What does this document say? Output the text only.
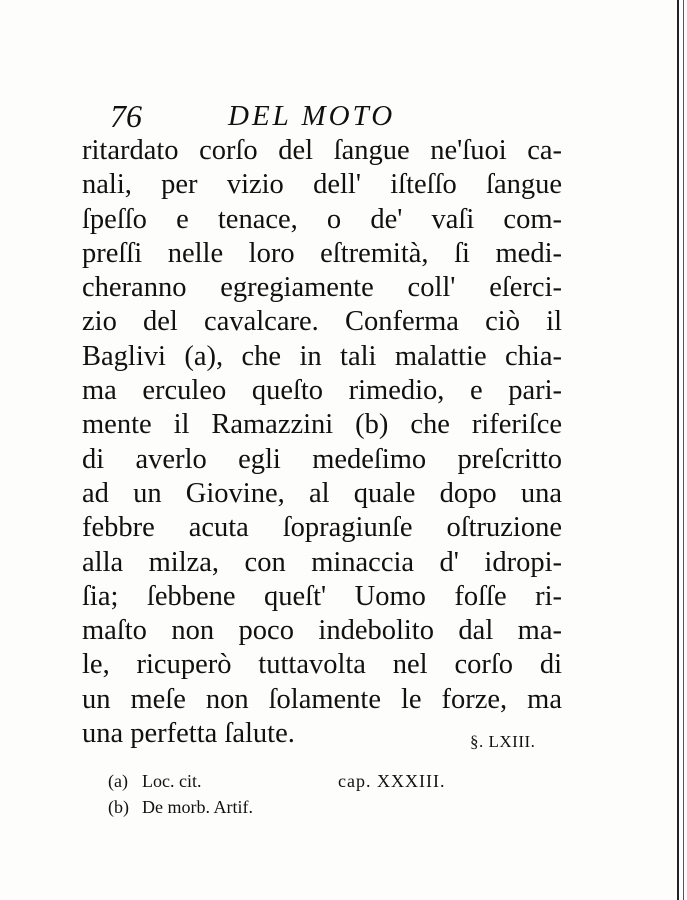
76	DEL MOTO
ritardato corſo del ſangue ne'ſuoi ca-
nali, per vizio dell' iſteſſo ſangue
ſpeſſo e tenace, o de' vaſi com-
preſſi nelle loro eſtremità, ſi medi-
cheranno egregiamente coll' eſerci-
zio del cavalcare. Conferma ciò il
Baglivi (a), che in tali malattie chia-
ma erculeo queſto rimedio, e pari-
mente il Ramazzini (b) che riferiſce
di averlo egli medeſimo preſcritto
ad un Giovine, al quale dopo una
febbre acuta ſopragiunſe oſtruzione
alla milza, con minaccia d' idropi-
ſia; ſebbene queſt' Uomo foſſe ri-
maſto non poco indebolito dal ma-
le, ricuperò tuttavolta nel corſo di
un meſe non ſolamente le forze, ma
una perfetta ſalute.	§. LXIII.
(a) Loc. cit.	cap. XXXIII.
(b) De morb. Artif.
